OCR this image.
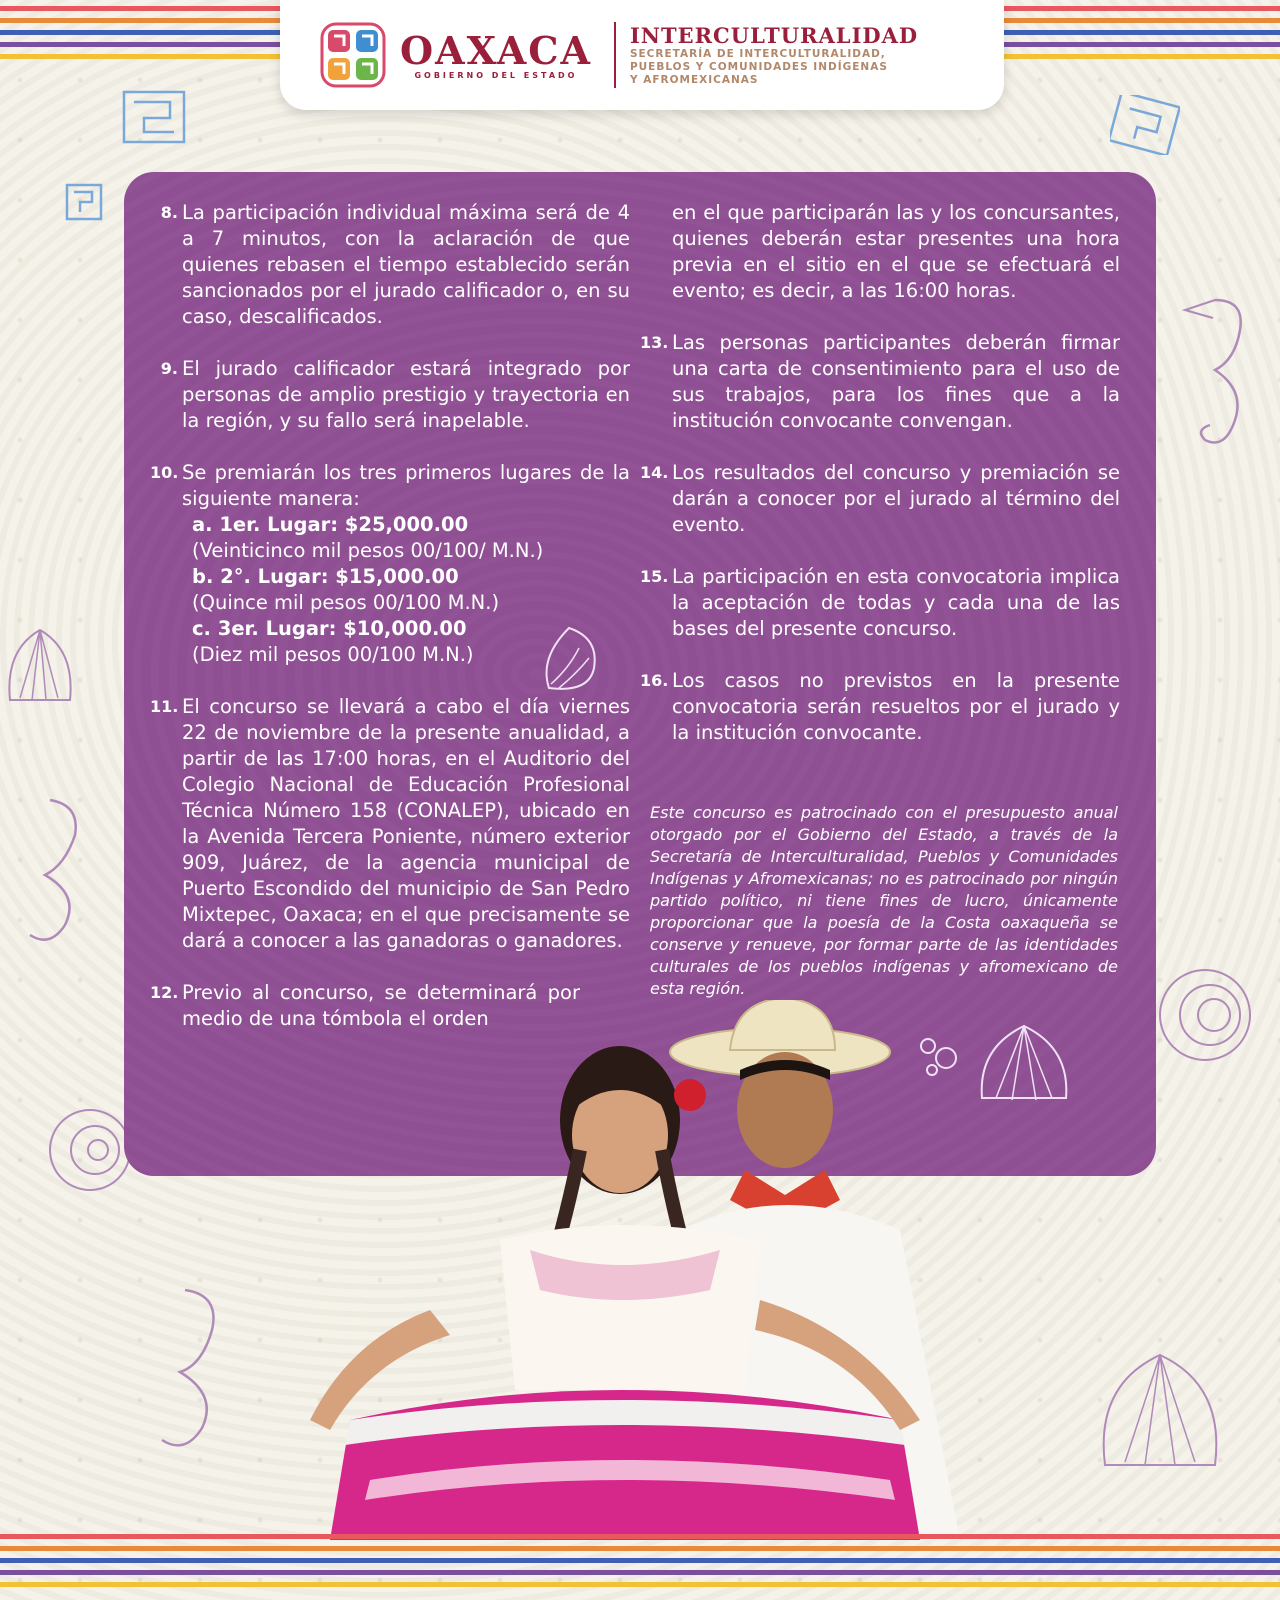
OAXACA
GOBIERNO DEL ESTADO
INTERCULTURALIDAD
SECRETARÍA DE INTERCULTURALIDAD,
PUEBLOS Y COMUNIDADES INDÍGENAS
Y AFROMEXICANAS
8. La participación individual máxima será de 4 a 7 minutos, con la aclaración de que quienes rebasen el tiempo establecido serán sancionados por el jurado calificador o, en su caso, descalificados.
9. El jurado calificador estará integrado por personas de amplio prestigio y trayectoria en la región, y su fallo será inapelable.
10. Se premiarán los tres primeros lugares de la siguiente manera:
a. 1er. Lugar: $25,000.00
(Veinticinco mil pesos 00/100/ M.N.)
b. 2°. Lugar: $15,000.00
(Quince mil pesos 00/100 M.N.)
c. 3er. Lugar: $10,000.00
(Diez mil pesos 00/100 M.N.)
11. El concurso se llevará a cabo el día viernes 22 de noviembre de la presente anualidad, a partir de las 17:00 horas, en el Auditorio del Colegio Nacional de Educación Profesional Técnica Número 158 (CONALEP), ubicado en la Avenida Tercera Poniente, número exterior 909, Juárez, de la agencia municipal de Puerto Escondido del municipio de San Pedro Mixtepec, Oaxaca; en el que precisamente se dará a conocer a las ganadoras o ganadores.
12. Previo al concurso, se determinará por medio de una tómbola el orden
en el que participarán las y los concursantes, quienes deberán estar presentes una hora previa en el sitio en el que se efectuará el evento; es decir, a las 16:00 horas.
13. Las personas participantes deberán firmar una carta de consentimiento para el uso de sus trabajos, para los fines que a la institución convocante convengan.
14. Los resultados del concurso y premiación se darán a conocer por el jurado al término del evento.
15. La participación en esta convocatoria implica la aceptación de todas y cada una de las bases del presente concurso.
16. Los casos no previstos en la presente convocatoria serán resueltos por el jurado y la institución convocante.
Este concurso es patrocinado con el presupuesto anual otorgado por el Gobierno del Estado, a través de la Secretaría de Interculturalidad, Pueblos y Comunidades Indígenas y Afromexicanas; no es patrocinado por ningún partido político, ni tiene fines de lucro, únicamente proporcionar que la poesía de la Costa oaxaqueña se conserve y renueve, por formar parte de las identidades culturales de los pueblos indígenas y afromexicano de esta región.
